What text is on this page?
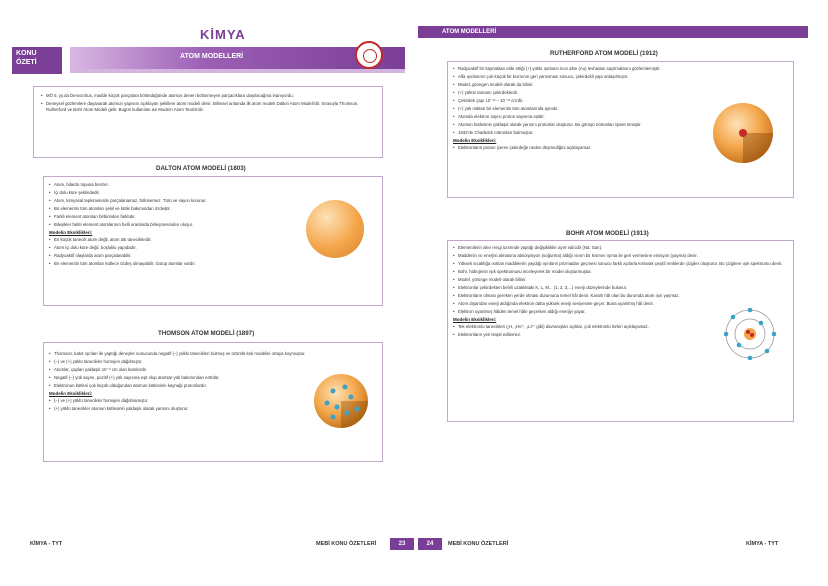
KİMYA
KONU ÖZETİ
ATOM MODELLERİ
• MÖ 5. yy.da Democritus, madde küçük parçalara bölündüğünde atomos denen bölünmeyen parçacıklara ulaşılacağına inanıyordu.
• Deneysel gözlemlere dayanarak atomun yapısını açıklayan şekillere atom modeli denir. Bilimsel anlamda ilk atom modeli Dalton Atom Modeli'dir. Sırasıyla Thomson, Rutherford ve Bohr Atom Modeli gelir. Bugün kullanılan ise Modern Atom Teorisi'dir.
DALTON ATOM MODELİ (1803)
• Atom, bilardo topuna benzer.
• İçi dolu küre şeklindedir.
• Atom, kimyasal tepkimelerde parçalanamaz, bölünemez. Türü ve sayısı korunur.
• Bir elementin tüm atomları şekil ve kütle bakımından özdeştir.
• Farklı element atomları birbirinden farklıdır.
• Bileşikler farklı element atomlarının belli oranlarda birleşmesinden oluşur.
Modelin Eksiklikleri:
• En küçük tanecik atom değil, atom altı taneciklerdir.
• Atom içi dolu küre değil, boşluklu yapıdadır.
• Radyoaktif olaylarda atom parçalanabilir.
• Bir elementin tüm atomları kütlece özdeş olmayabilir. İzotop atomlar vardır.
THOMSON ATOM MODELİ (1897)
• Thomson, katot ışınları ile yaptığı deneyler sonucunda negatif (–) yüklü tanecikleri bulmuş ve üzümlü kek modelini ortaya koymuştur.
• (–) ve (+) yüklü tanecikler homojen dağılmıştır.
• Atomlar, çapları yaklaşık 10⁻⁸ cm olan kürelerdir.
• Negatif (–) yük sayısı, pozitif (+) yük sayısına eşit olup atomlar yük bakımından nötrdür.
• Elektronun kütlesi çok küçük olduğundan atomun kütlesinin kaynağı protonlardır.
Modelin Eksiklikleri:
• (–) ve (+) yüklü tanecikler homojen dağılmamıştır.
• (+) yüklü tanecikler atomun kütlesinin yaklaşık olarak yarısını oluşturur.
KİMYA - TYT	MEBİ KONU ÖZETLERİ	23
ATOM MODELLERİ
RUTHERFORD ATOM MODELİ (1912)
• Radyoaktif bir kaynaktan elde ettiği (+) yüklü ışınların ince altın (Au) levhadan saçılmalarını gözlemlemiştir.
• Alfa ışınlarının çok küçük bir kısmının geri yansıması sonucu, çekirdekli yapı anlaşılmıştır.
• Model, gezegen modeli olarak da bilinir.
• (+) yükün tamamı çekirdektedir.
• Çekirdek çapı 10⁻¹² – 10⁻¹³ cm'dir.
• (+) yük miktarı bir elementin tüm atomlarında aynıdır.
• Atomda elektron sayısı proton sayısına eşittir.
• Atomun kütlesinin yaklaşık olarak yarısını protonlar oluşturur. Bu görüşü nötronları işaret etmiştir.
• 1932'de Chadwick nötronları bulmuştur.
Modelin Eksiklikleri:
• Elektronların proton içeren çekirdeğe neden düşmediğini açıklayamaz.
BOHR ATOM MODELİ (1913)
• Elementlerin alev rengi üzerinde yaptığı değişiklikler ayırt edicidir (Na: Sarı).
• Maddenin ısı enerjisi almasına absorpsiyon (soğurma) aldığı ısının bir kısmını ışıma ile geri vermesine emisyon (yayma) denir.
• Yüksek sıcaklığa ısıtılan maddelerin yaydığı ışınların prizmadan geçmesi sonucu farklı açılarla kırılarak çeşitli renklerde çizgiler oluşturur. Bu çizgilere ışık spektrumu denir.
• Bohr, hidrojenin ışık spektrumunu inceleyerek bir model oluşturmuştur.
• Model, yörünge modeli olarak bilinir.
• Elektronlar çekirdekten belirli uzaklıktaki K, L, M... (1, 2, 3,...) enerji düzeylerinde bulunur.
• Elektronların olması gereken yerde olması durumuna temel hâl denir. Kararlı hâl olan bu durumda atom ışın yaymaz.
• Atom dışarıdan enerji aldığında elektron daha yüksek enerji seviyesine geçer. Buna uyarılmış hâl denir.
• Elektron uyarılmış hâlden temel hâle geçerken aldığı enerjiyi yayar.
Modelin Eksiklikleri:
• Tek elektronlu tanecikleri (₁H, ₂He⁺, ₃Li²⁺ gibi) davranışları açıklar, çok elektronlu türleri açıklayamaz.
• Elektronların yeri tespit edilemez.
24	MEBİ KONU ÖZETLERİ	KİMYA - TYT
